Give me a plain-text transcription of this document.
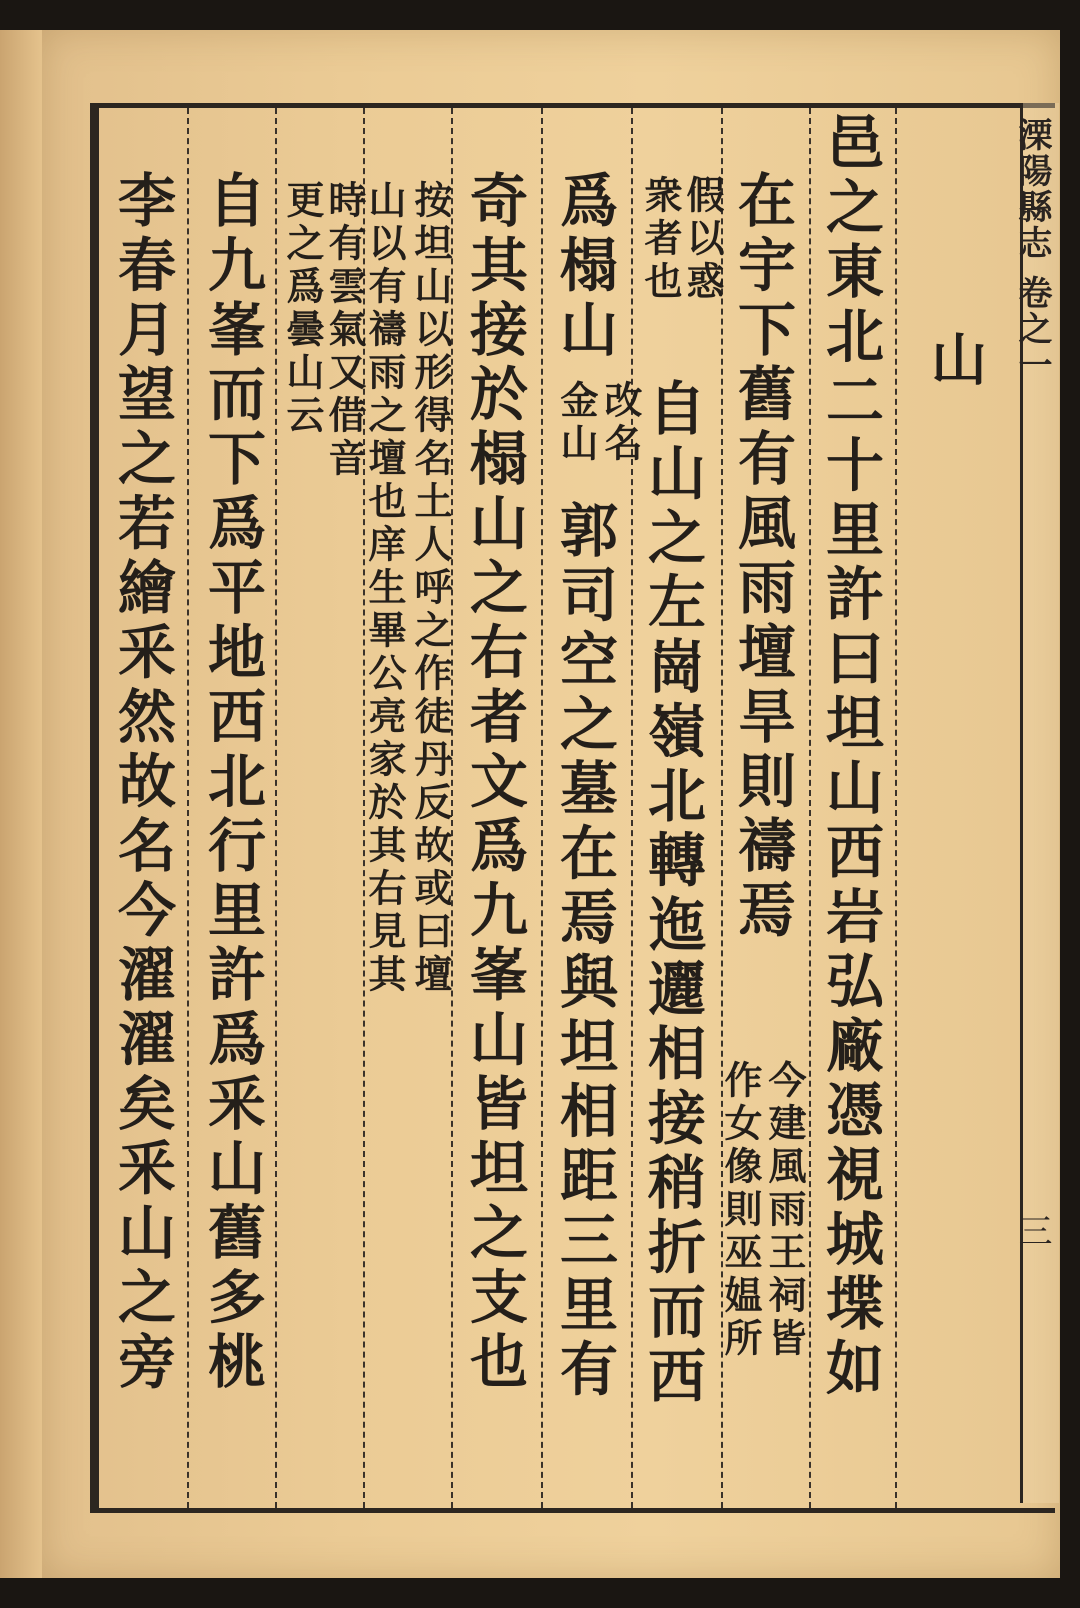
溧陽縣志 卷之一
三
山
邑之東北二十里許曰坦山西岩弘廠憑視城堞如
在宇下舊有風雨壇旱則禱焉
今建風雨王祠皆
作女像則巫媪所
假以惑
衆者也
自山之左崗嶺北轉迤邐相接稍折而西
爲榻山
改名金山
郭司空之墓在焉與坦相距三里有
奇其接於榻山之右者文爲九峯山皆坦之支也
按坦山以形得名土人呼之作徒丹反故或曰壇
山以有禱雨之壇也庠生畢公亮家於其右見其
時有雲氣又借音
更之爲曇山云
自九峯而下爲平地西北行里許爲釆山舊多桃
李春月望之若繪釆然故名今濯濯矣釆山之旁
